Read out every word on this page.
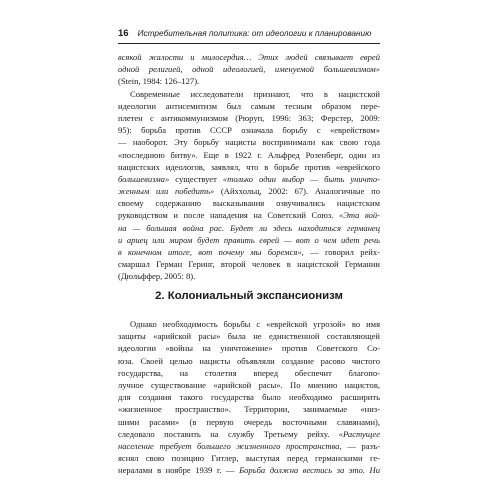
16 Истребительная политика: от идеологии к планированию
всякой жалости и милосердия… Этих людей связывает еврей
одной религией, одной идеологией, именуемой большевизмом»
(Stein, 1984: 126–127).
Современные исследователи признают, что в нацистской
идеологии антисемитизм был самым тесным образом пере-
плетен с антикоммунизмом (Рюруп, 1996: 363; Ферстер, 2009:
95): борьба против СССР означала борьбу с «еврейством»
— наоборот. Эту борьбу нацисты воспринимали как свою года
«последнюю битву». Еще в 1922 г. Альфред Розенберг, один из
нацистских идеологов, заявлял, что в борьбе против «еврейского
большевизма» существует «только один выбор — быть уничто-
женным или победить» (Айххольц, 2002: 67). Аналогичные по
своему содержанию высказывания озвучивались нацистским
руководством и после нападения на Советский Союз. «Эта вой-
на — большая война рас. Будет ли здесь находиться германец
и ариец или миром будет править еврей — вот о чем идет речь
в конечном итоге, вот почему мы боремся», — говорил рейх-
смаршал Герман Геринг, второй человек в нацистской Германии
(Дюльффер, 2005: 8).
2. Колониальный экспансионизм
Однако необходимость борьбы с «еврейской угрозой» во имя
защиты «арийской расы» была не единственной составляющей
идеологии «войны на уничтожение» против Советского Со-
юза. Своей целью нацисты объявляли создание расово чистого
государства, на столетия вперед обеспечит благопо-
лучное существование «арийской расы». По мнению нацистов,
для создания такого государства было необходимо расширить
«жизненное пространство». Территории, занимаемые «низ-
шими расами» (в первую очередь восточными славянами),
следовало поставить на службу Третьему рейху. «Растущее
население требует большего жизненного пространства, — разъ-
яснял свою позицию Гитлер, выступая перед германскими ге-
нералами в ноябре 1939 г. — Борьба должна вестись за это. Ни
